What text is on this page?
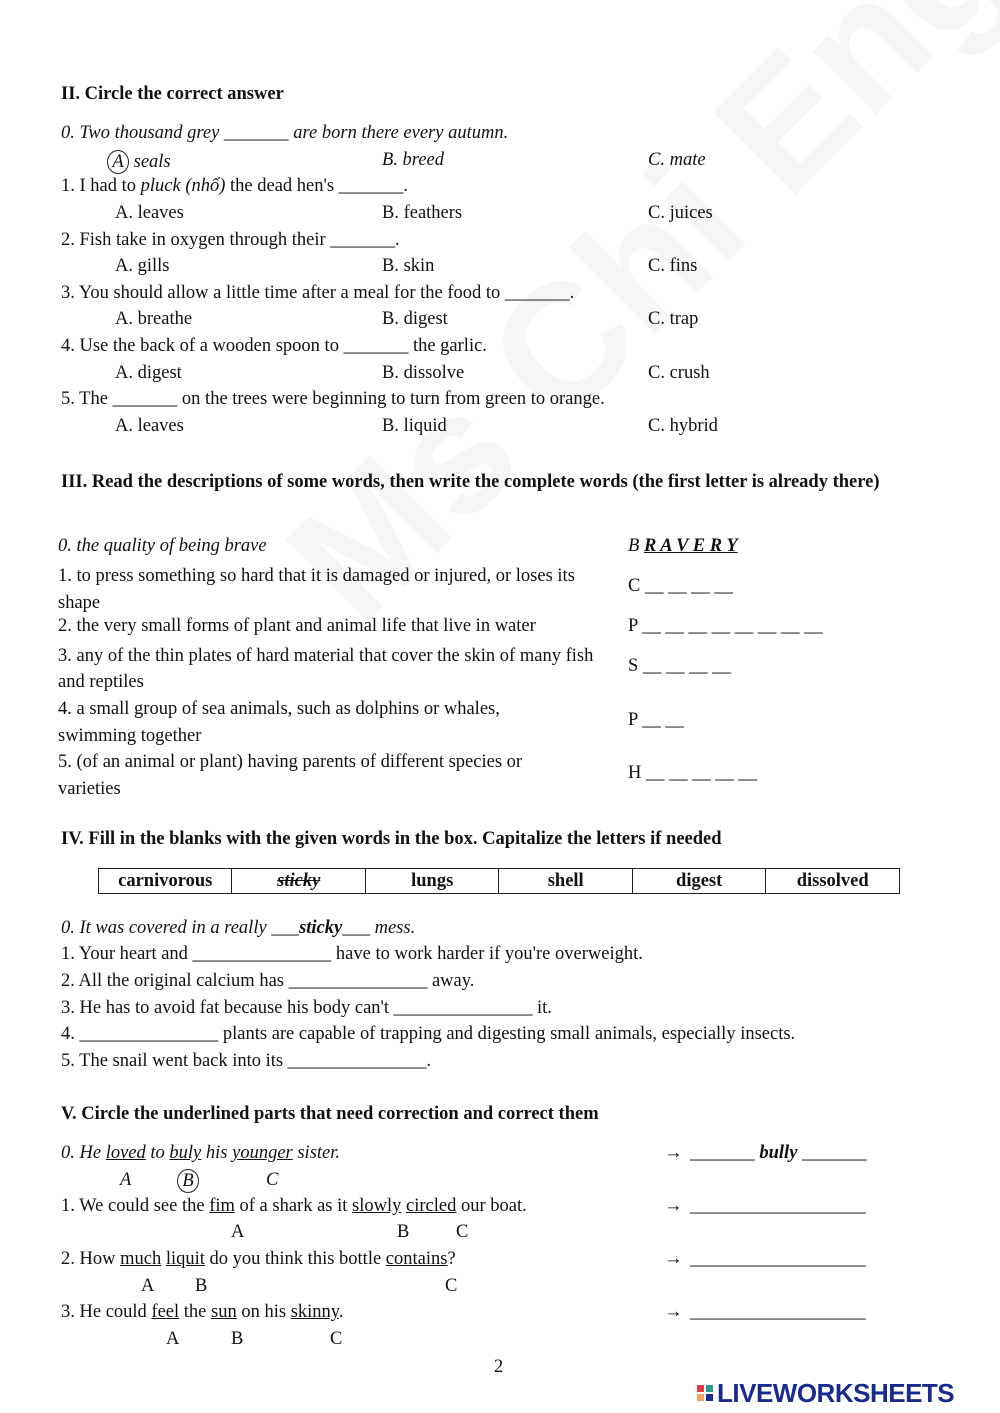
II. Circle the correct answer
0. Two thousand grey _______ are born there every autumn.
A seals	B. breed	C. mate
1. I had to pluck (nhổ) the dead hen's _______.
A. leaves	B. feathers	C. juices
2. Fish take in oxygen through their _______.
A. gills	B. skin	C. fins
3. You should allow a little time after a meal for the food to _______.
A. breathe	B. digest	C. trap
4. Use the back of a wooden spoon to _______ the garlic.
A. digest	B. dissolve	C. crush
5. The _______ on the trees were beginning to turn from green to orange.
A. leaves	B. liquid	C. hybrid
III. Read the descriptions of some words, then write the complete words (the first letter is already there)
0. the quality of being brave	B R A V E R Y
1. to press something so hard that it is damaged or injured, or loses its shape
C __ __ __ __
2. the very small forms of plant and animal life that live in water	P __ __ __ __ __ __ __ __
3. any of the thin plates of hard material that cover the skin of many fish and reptiles
S __ __ __ __
4. a small group of sea animals, such as dolphins or whales, swimming together
P __ __
5. (of an animal or plant) having parents of different species or varieties
H __ __ __ __ __
IV. Fill in the blanks with the given words in the box. Capitalize the letters if needed
carnivorous	sticky	lungs	shell	digest	dissolved
0. It was covered in a really ___sticky___ mess.
1. Your heart and _______________ have to work harder if you're overweight.
2. All the original calcium has _______________ away.
3. He has to avoid fat because his body can't _______________ it.
4. _______________ plants are capable of trapping and digesting small animals, especially insects.
5. The snail went back into its _______________.
V. Circle the underlined parts that need correction and correct them
0. He loved to buly his younger sister.
A	B	C
→ _______ bully _______
1. We could see the fim of a shark as it slowly circled our boat.
A	B	C
→ ___________________
2. How much liquit do you think this bottle contains?
A B	C
→ ___________________
3. He could feel the sun on his skinny.
A	B	C
→ ___________________
2
LIVEWORKSHEETS
